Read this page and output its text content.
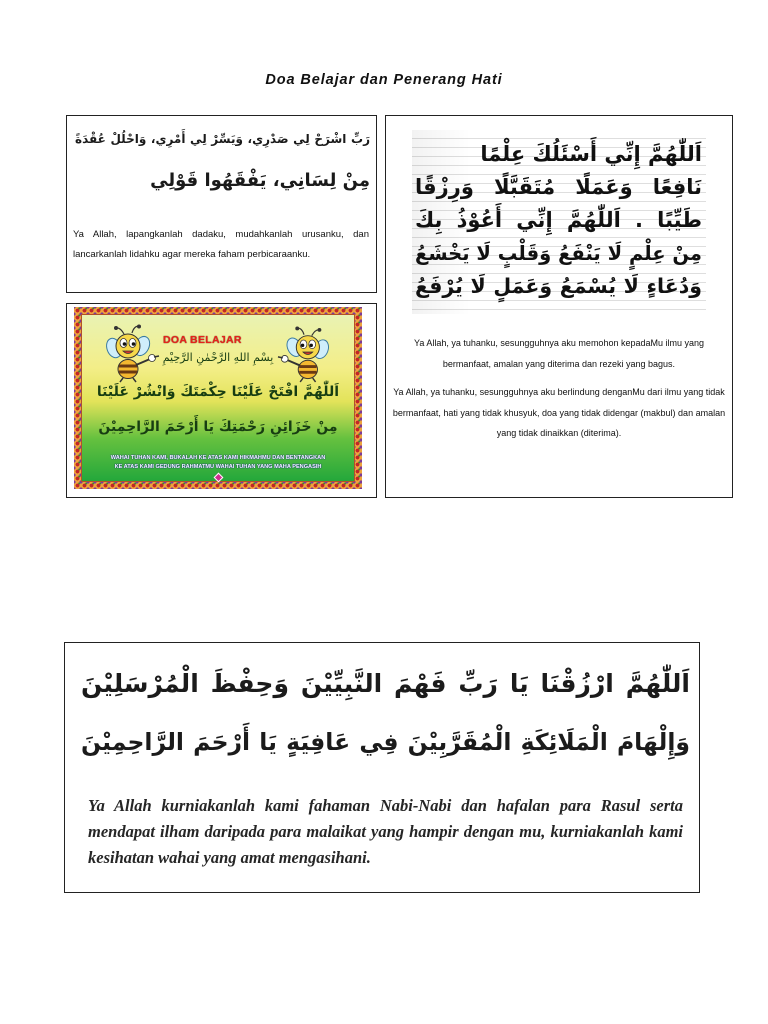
Doa Belajar dan Penerang Hati
رَبِّ اشْرَحْ لِي صَدْرِي، وَيَسِّرْ لِي أَمْرِي، وَاحْلُلْ عُقْدَةً
مِنْ لِسَانِي، يَفْقَهُوا قَوْلِي
Ya Allah, lapangkanlah dadaku, mudahkanlah urusanku, dan lancarkanlah lidahku agar mereka faham perbicaraanku.
DOA BELAJAR
بِسْمِ اللهِ الرَّحْمٰنِ الرَّحِيْمِ
اَللّٰهُمَّ افْتَحْ عَلَيْنَا حِكْمَتَكَ وَانْشُرْ عَلَيْنَا
مِنْ خَزَائِنِ رَحْمَتِكَ يَا أَرْحَمَ الرَّاحِمِيْنَ
WAHAI TUHAN KAMI, BUKALAH KE ATAS KAMI HIKMAHMU DAN BENTANGKAN
KE ATAS KAMI GEDUNG RAHMATMU WAHAI TUHAN YANG MAHA PENGASIH
اَللّٰهُمَّ إِنِّي أَسْئَلُكَ عِلْمًا
نَافِعًا وَعَمَلًا مُتَقَبَّلًا وَرِزْقًا
طَيِّبًا . اَللّٰهُمَّ إِنِّي أَعُوْذُ بِكَ
مِنْ عِلْمٍ لَا يَنْفَعُ وَقَلْبٍ لَا يَخْشَعُ
وَدُعَاءٍ لَا يُسْمَعُ وَعَمَلٍ لَا يُرْفَعُ

Ya Allah, ya tuhanku, sesungguhnya aku memohon kepadaMu ilmu yang bermanfaat, amalan yang diterima dan rezeki yang bagus.

Ya Allah, ya tuhanku, sesungguhnya aku berlindung denganMu dari ilmu yang tidak bermanfaat, hati yang tidak khusyuk, doa yang tidak didengar (makbul) dan amalan yang tidak dinaikkan (diterima).

اَللّٰهُمَّ ارْزُقْنَا يَا رَبِّ فَهْمَ النَّبِيِّيْنَ وَحِفْظَ الْمُرْسَلِيْنَ
وَإِلْهَامَ الْمَلَائِكَةِ الْمُقَرَّبِيْنَ فِي عَافِيَةٍ يَا أَرْحَمَ الرَّاحِمِيْنَ
Ya Allah kurniakanlah kami fahaman Nabi-Nabi dan hafalan para Rasul serta mendapat ilham daripada para malaikat yang hampir dengan mu, kurniakanlah kami kesihatan wahai yang amat mengasihani.
